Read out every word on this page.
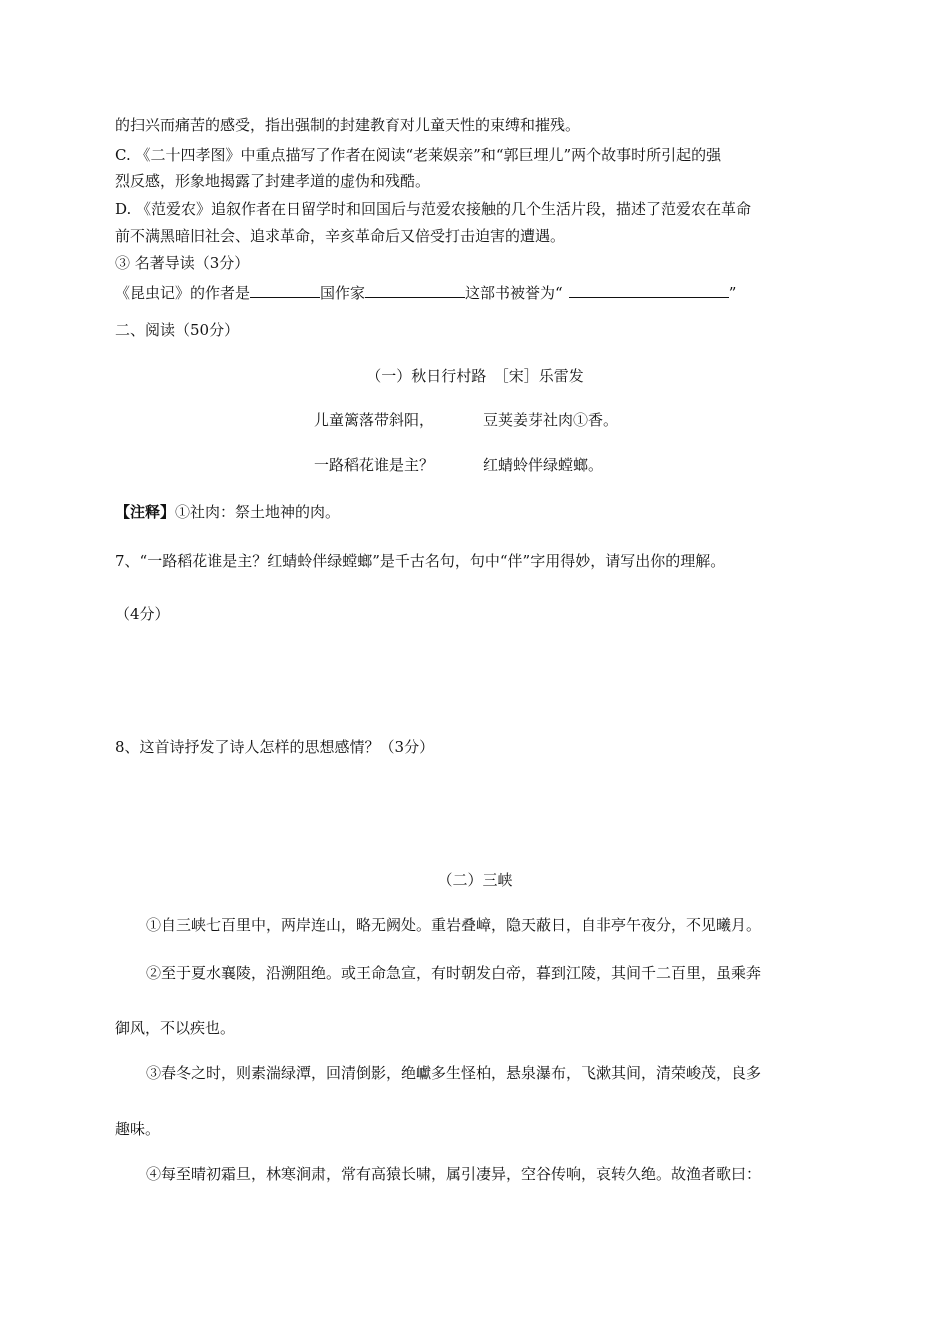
的扫兴而痛苦的感受，指出强制的封建教育对儿童天性的束缚和摧残。
C. 《二十四孝图》中重点描写了作者在阅读“老莱娱亲”和“郭巨埋儿”两个故事时所引起的强
烈反感，形象地揭露了封建孝道的虚伪和残酷。
D. 《范爱农》追叙作者在日留学时和回国后与范爱农接触的几个生活片段，描述了范爱农在革命
前不满黑暗旧社会、追求革命，辛亥革命后又倍受打击迫害的遭遇。
③ 名著导读（3分）
《昆虫记》的作者是	国作家	这部书被誉为“	”
二、阅读（50分）
（一）秋日行村路　［宋］乐雷发
儿童篱落带斜阳，	豆荚姜芽社肉①香。
一路稻花谁是主？	红蜻蛉伴绿螳螂。
【注释】①社肉：祭土地神的肉。
7、“一路稻花谁是主？红蜻蛉伴绿螳螂”是千古名句，句中“伴”字用得妙，请写出你的理解。
（4分）
8、这首诗抒发了诗人怎样的思想感情？（3分）
（二）三峡
①自三峡七百里中，两岸连山，略无阙处。重岩叠嶂，隐天蔽日，自非亭午夜分，不见曦月。
②至于夏水襄陵，沿溯阻绝。或王命急宣，有时朝发白帝，暮到江陵，其间千二百里，虽乘奔
御风，不以疾也。
③春冬之时，则素湍绿潭，回清倒影，绝巘多生怪柏，悬泉瀑布，飞漱其间，清荣峻茂，良多
趣味。
④每至晴初霜旦，林寒涧肃，常有高猿长啸，属引凄异，空谷传响，哀转久绝。故渔者歌曰：
